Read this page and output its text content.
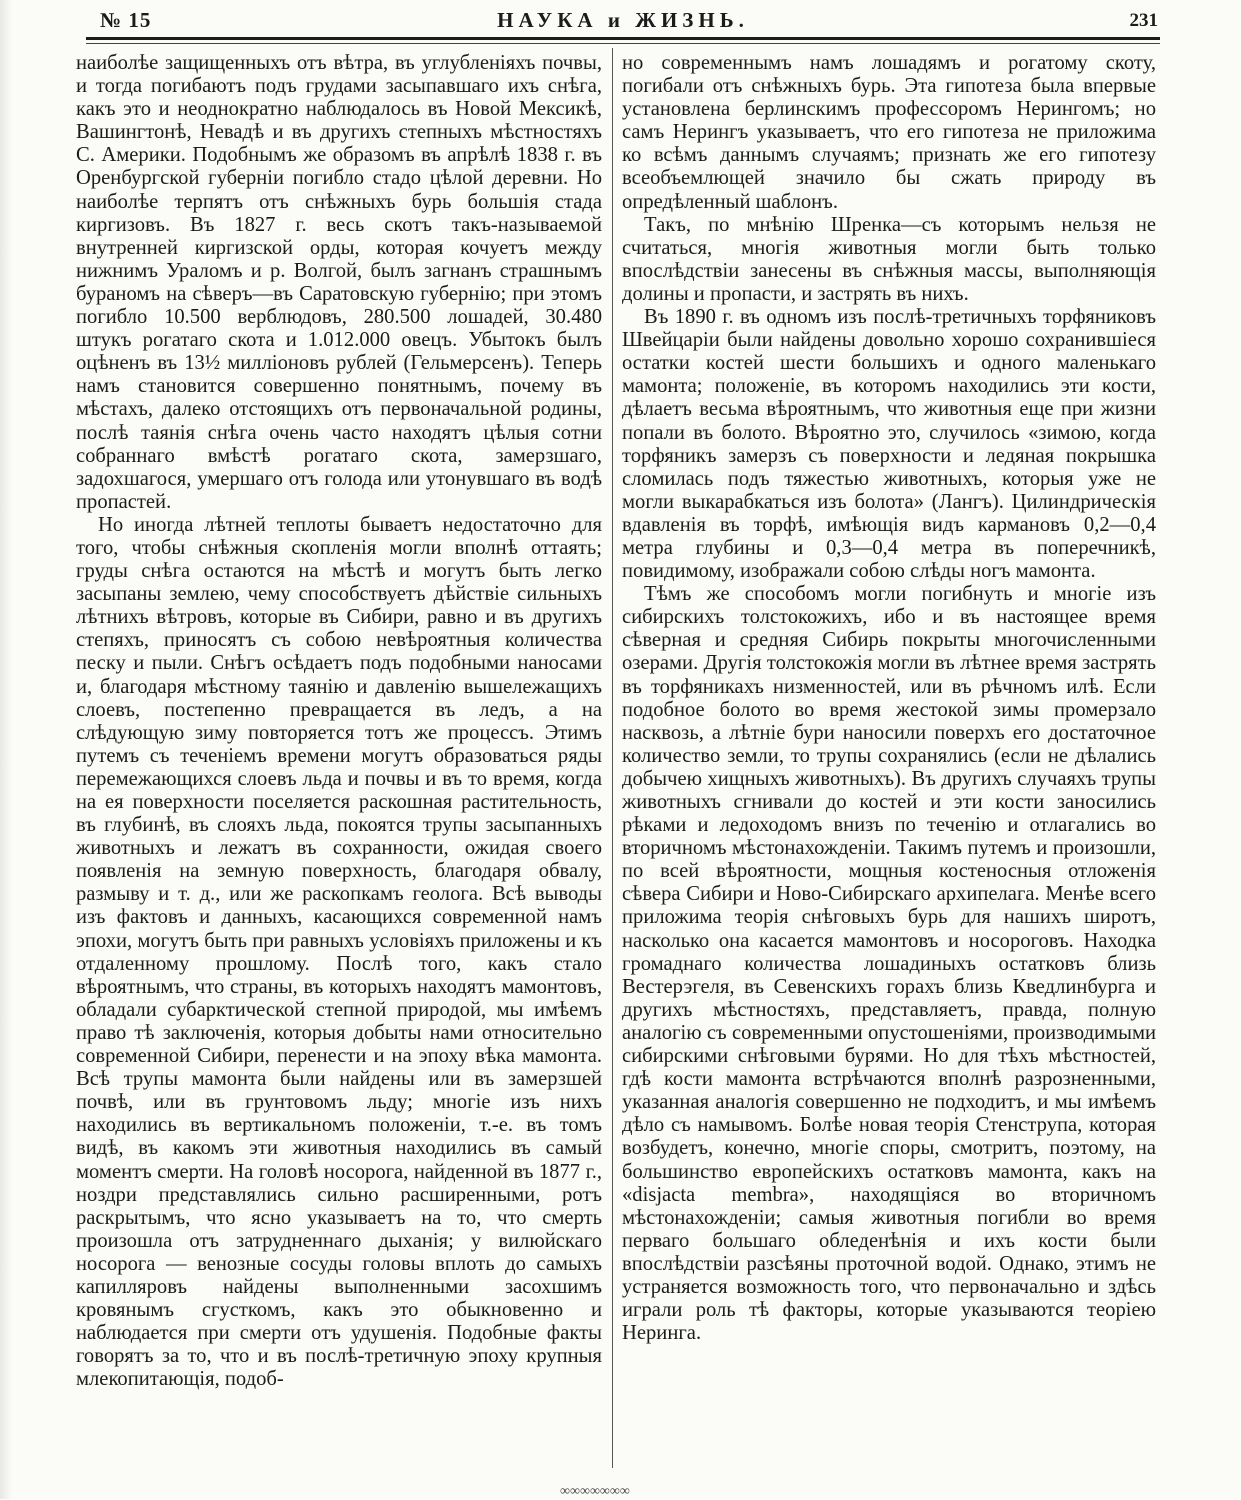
№ 15	НАУКА и ЖИЗНЬ.	231

наиболѣе защищенныхъ отъ вѣтра, въ углубленіяхъ почвы, и тогда погибаютъ подъ грудами засыпавшаго ихъ снѣга, какъ это и неоднократно наблюдалось въ Новой Мексикѣ, Вашингтонѣ, Невадѣ и въ другихъ степныхъ мѣстностяхъ С. Америки. Подобнымъ же образомъ въ апрѣлѣ 1838 г. въ Оренбургской губерніи погибло стадо цѣлой деревни. Но наиболѣе терпятъ отъ снѣжныхъ бурь большія стада киргизовъ. Въ 1827 г. весь скотъ такъ-называемой внутренней киргизской орды, которая кочуетъ между нижнимъ Ураломъ и р. Волгой, былъ загнанъ страшнымъ бураномъ на сѣверъ—въ Саратовскую губернію; при этомъ погибло 10.500 верблюдовъ, 280.500 лошадей, 30.480 штукъ рогатаго скота и 1.012.000 овецъ. Убытокъ былъ оцѣненъ въ 13½ милліоновъ рублей (Гельмерсенъ). Теперь намъ становится совершенно понятнымъ, почему въ мѣстахъ, далеко отстоящихъ отъ первоначальной родины, послѣ таянія снѣга очень часто находятъ цѣлыя сотни собраннаго вмѣстѣ рогатаго скота, замерзшаго, задохшагося, умершаго отъ голода или утонувшаго въ водѣ пропастей.

Но иногда лѣтней теплоты бываетъ недостаточно для того, чтобы снѣжныя скопленія могли вполнѣ оттаять; груды снѣга остаются на мѣстѣ и могутъ быть легко засыпаны землею, чему способствуетъ дѣйствіе сильныхъ лѣтнихъ вѣтровъ, которые въ Сибири, равно и въ другихъ степяхъ, приносятъ съ собою невѣроятныя количества песку и пыли. Снѣгъ осѣдаетъ подъ подобными наносами и, благодаря мѣстному таянію и давленію вышележащихъ слоевъ, постепенно превращается въ ледъ, а на слѣдующую зиму повторяется тотъ же процессъ. Этимъ путемъ съ теченіемъ времени могутъ образоваться ряды перемежающихся слоевъ льда и почвы и въ то время, когда на ея поверхности поселяется раскошная растительность, въ глубинѣ, въ слояхъ льда, покоятся трупы засыпанныхъ животныхъ и лежатъ въ сохранности, ожидая своего появленія на земную поверхность, благодаря обвалу, размыву и т. д., или же раскопкамъ геолога. Всѣ выводы изъ фактовъ и данныхъ, касающихся современной намъ эпохи, могутъ быть при равныхъ условіяхъ приложены и къ отдаленному прошлому. Послѣ того, какъ стало вѣроятнымъ, что страны, въ которыхъ находятъ мамонтовъ, обладали субарктической степной природой, мы имѣемъ право тѣ заключенія, которыя добыты нами относительно современной Сибири, перенести и на эпоху вѣка мамонта. Всѣ трупы мамонта были найдены или въ замерзшей почвѣ, или въ грунтовомъ льду; многіе изъ нихъ находились въ вертикальномъ положеніи, т.-е. въ томъ видѣ, въ какомъ эти животныя находились въ самый моментъ смерти. На головѣ носорога, найденной въ 1877 г., ноздри представлялись сильно расширенными, ротъ раскрытымъ, что ясно указываетъ на то, что смерть произошла отъ затрудненнаго дыханія; у вилюйскаго носорога — венозные сосуды головы вплоть до самыхъ капилляровъ найдены выполненными засохшимъ кровянымъ сгусткомъ, какъ это обыкновенно и наблюдается при смерти отъ удушенія. Подобные факты говорятъ за то, что и въ послѣ-третичную эпоху крупныя млекопитающія, подоб-

но современнымъ намъ лошадямъ и рогатому скоту, погибали отъ снѣжныхъ бурь. Эта гипотеза была впервые установлена берлинскимъ профессоромъ Нерингомъ; но самъ Нерингъ указываетъ, что его гипотеза не приложима ко всѣмъ даннымъ случаямъ; признать же его гипотезу всеобъемлющей значило бы сжать природу въ опредѣленный шаблонъ.

Такъ, по мнѣнію Шренка—съ которымъ нельзя не считаться, многія животныя могли быть только впослѣдствіи занесены въ снѣжныя массы, выполняющія долины и пропасти, и застрять въ нихъ.

Въ 1890 г. въ одномъ изъ послѣ-третичныхъ торфяниковъ Швейцаріи были найдены довольно хорошо сохранившіеся остатки костей шести большихъ и одного маленькаго мамонта; положеніе, въ которомъ находились эти кости, дѣлаетъ весьма вѣроятнымъ, что животныя еще при жизни попали въ болото. Вѣроятно это, случилось «зимою, когда торфяникъ замерзъ съ поверхности и ледяная покрышка сломилась подъ тяжестью животныхъ, которыя уже не могли выкарабкаться изъ болота» (Лангъ). Цилиндрическія вдавленія въ торфѣ, имѣющія видъ кармановъ 0,2—0,4 метра глубины и 0,3—0,4 метра въ поперечникѣ, повидимому, изображали собою слѣды ногъ мамонта.

Тѣмъ же способомъ могли погибнуть и многіе изъ сибирскихъ толстокожихъ, ибо и въ настоящее время сѣверная и средняя Сибирь покрыты многочисленными озерами. Другія толстокожія могли въ лѣтнее время застрять въ торфяникахъ низменностей, или въ рѣчномъ илѣ. Если подобное болото во время жестокой зимы промерзало насквозь, а лѣтніе бури наносили поверхъ его достаточное количество земли, то трупы сохранялись (если не дѣлались добычею хищныхъ животныхъ). Въ другихъ случаяхъ трупы животныхъ сгнивали до костей и эти кости заносились рѣками и ледоходомъ внизъ по теченію и отлагались во вторичномъ мѣстонахожденіи. Такимъ путемъ и произошли, по всей вѣроятности, мощныя костеносныя отложенія сѣвера Сибири и Ново-Сибирскаго архипелага. Менѣе всего приложима теорія снѣговыхъ бурь для нашихъ широтъ, насколько она касается мамонтовъ и носороговъ. Находка громаднаго количества лошадиныхъ остатковъ близь Вестерэгеля, въ Севенскихъ горахъ близь Кведлинбурга и другихъ мѣстностяхъ, представляетъ, правда, полную аналогію съ современными опустошеніями, производимыми сибирскими снѣговыми бурями. Но для тѣхъ мѣстностей, гдѣ кости мамонта встрѣчаются вполнѣ разрозненными, указанная аналогія совершенно не подходитъ, и мы имѣемъ дѣло съ намывомъ. Болѣе новая теорія Стенструпа, которая возбудетъ, конечно, многіе споры, смотритъ, поэтому, на большинство европейскихъ остатковъ мамонта, какъ на «disjacta membra», находящіяся во вторичномъ мѣстонахожденіи; самыя животныя погибли во время перваго большаго обледенѣнія и ихъ кости были впослѣдствіи разсѣяны проточной водой. Однако, этимъ не устраняется возможность того, что первоначально и здѣсь играли роль тѣ факторы, которые указываются теоріею Неринга.

∞∞∞∞∞∞∞
